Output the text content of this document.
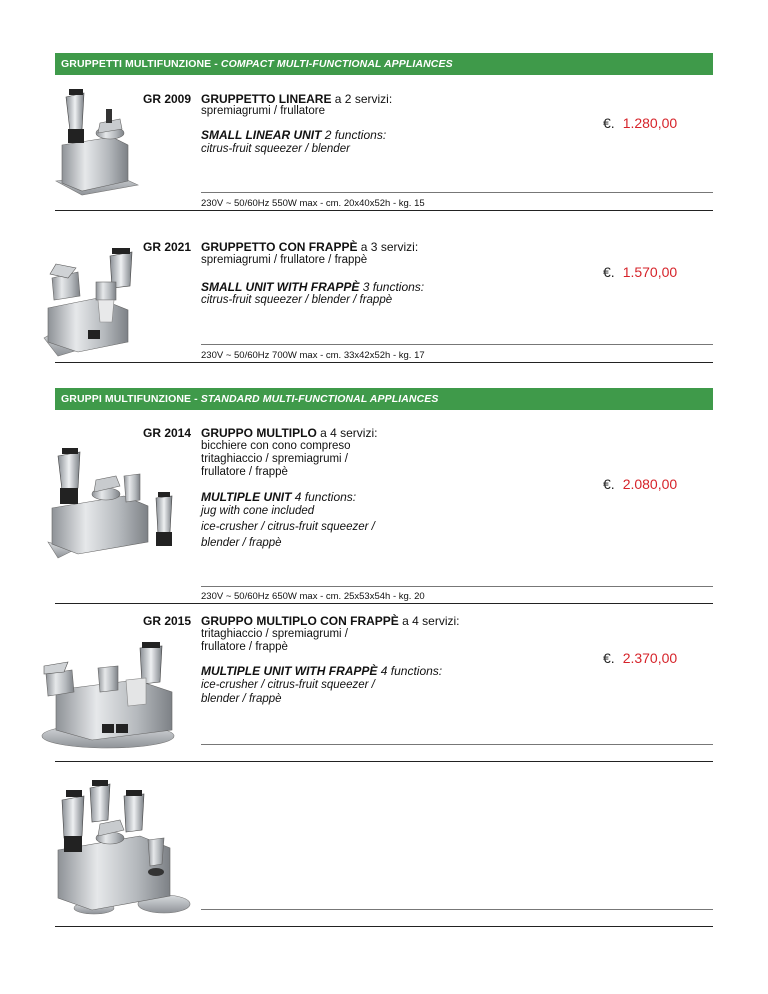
GRUPPETTI MULTIFUNZIONE - COMPACT MULTI-FUNCTIONAL APPLIANCES
GR 2009 GRUPPETTO LINEARE a 2 servizi:
spremiagrumi / frullatore
SMALL LINEAR UNIT 2 functions:
citrus-fruit squeezer / blender
€. 1.280,00
230V ~ 50/60Hz 550W max - cm. 20x40x52h - kg. 15
GR 2021 GRUPPETTO CON FRAPPÈ a 3 servizi:
spremiagrumi / frullatore / frappè
SMALL UNIT WITH FRAPPÈ 3 functions:
citrus-fruit squeezer / blender / frappè
€. 1.570,00
230V ~ 50/60Hz 700W max - cm. 33x42x52h - kg. 17
GRUPPI MULTIFUNZIONE - STANDARD MULTI-FUNCTIONAL APPLIANCES
GR 2014 GRUPPO MULTIPLO a 4 servizi:
bicchiere con cono compreso
tritaghiaccio / spremiagrumi /
frullatore / frappè
MULTIPLE UNIT 4 functions:
jug with cone included
ice-crusher / citrus-fruit squeezer /
blender / frappè
€. 2.080,00
230V ~ 50/60Hz 650W max - cm. 25x53x54h - kg. 20
GR 2015 GRUPPO MULTIPLO CON FRAPPÈ a 4 servizi:
tritaghiaccio / spremiagrumi /
frullatore / frappè
MULTIPLE UNIT WITH FRAPPÈ 4 functions:
ice-crusher / citrus-fruit squeezer /
blender / frappè
€. 2.370,00
